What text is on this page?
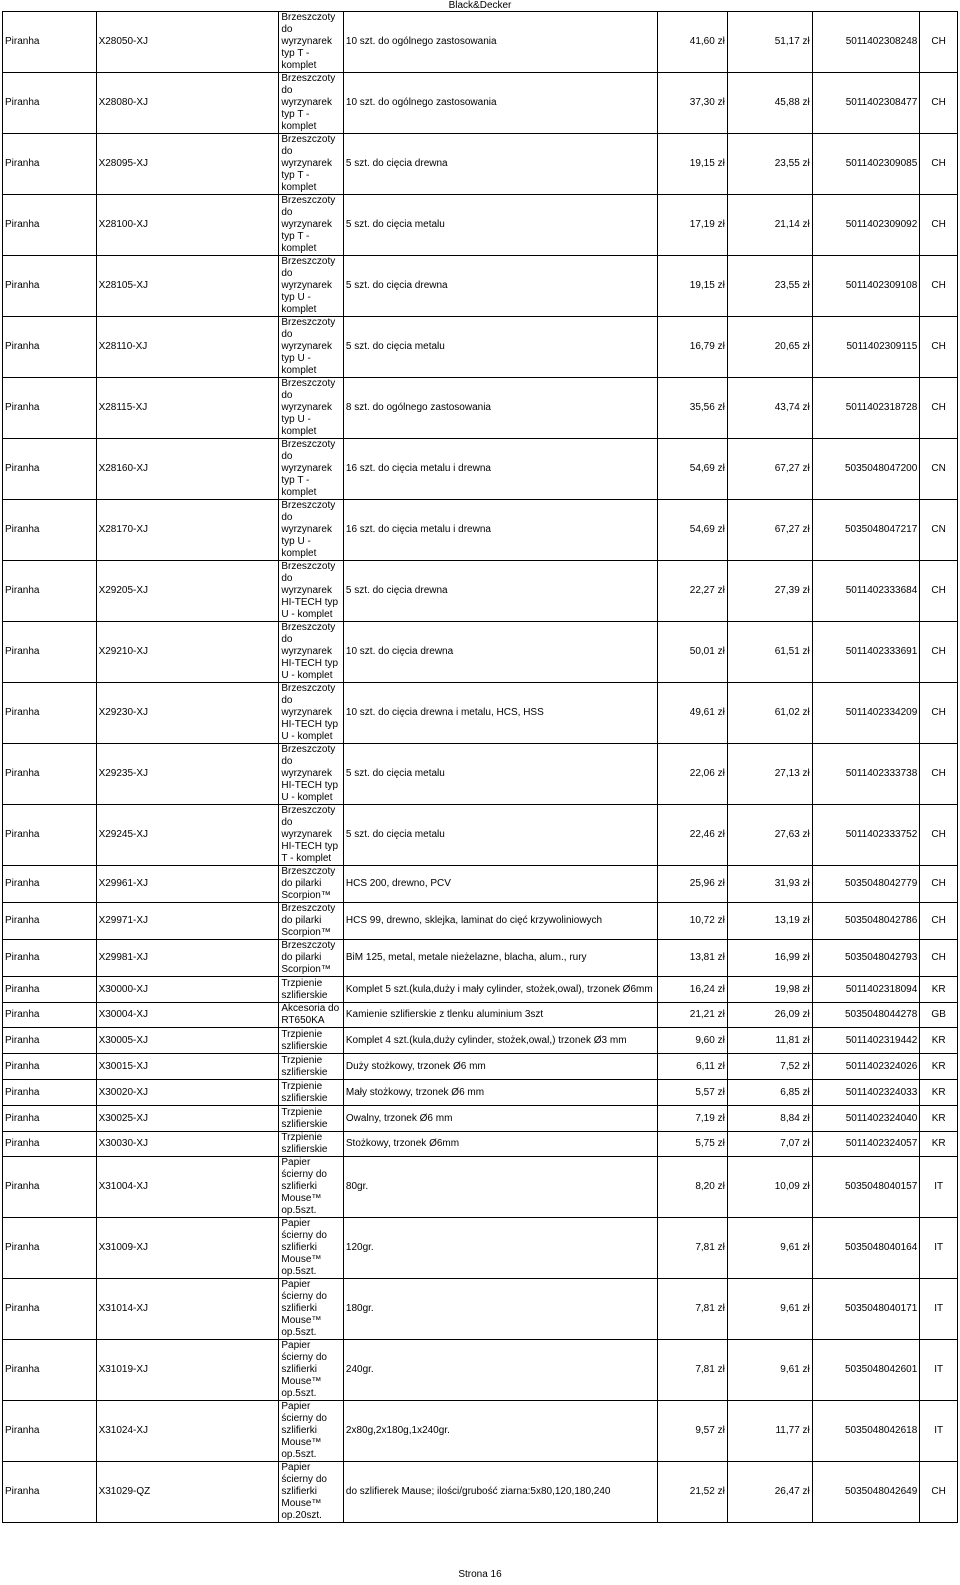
Black&Decker
Piranha	X28050-XJ	Brzeszczoty do wyrzynarek typ T - komplet	10 szt. do ogólnego zastosowania	41,60 zł	51,17 zł	5011402308248	CH
Piranha	X28080-XJ	Brzeszczoty do wyrzynarek typ T - komplet	10 szt. do ogólnego zastosowania	37,30 zł	45,88 zł	5011402308477	CH
Piranha	X28095-XJ	Brzeszczoty do wyrzynarek typ T - komplet	5 szt. do cięcia drewna	19,15 zł	23,55 zł	5011402309085	CH
Piranha	X28100-XJ	Brzeszczoty do wyrzynarek typ T - komplet	5 szt. do cięcia metalu	17,19 zł	21,14 zł	5011402309092	CH
Piranha	X28105-XJ	Brzeszczoty do wyrzynarek typ U - komplet	5 szt. do cięcia drewna	19,15 zł	23,55 zł	5011402309108	CH
Piranha	X28110-XJ	Brzeszczoty do wyrzynarek typ U - komplet	5 szt. do cięcia metalu	16,79 zł	20,65 zł	5011402309115	CH
Piranha	X28115-XJ	Brzeszczoty do wyrzynarek typ U - komplet	8 szt. do ogólnego zastosowania	35,56 zł	43,74 zł	5011402318728	CH
Piranha	X28160-XJ	Brzeszczoty do wyrzynarek typ T - komplet	16 szt. do cięcia metalu i drewna	54,69 zł	67,27 zł	5035048047200	CN
Piranha	X28170-XJ	Brzeszczoty do wyrzynarek typ U - komplet	16 szt. do cięcia metalu i drewna	54,69 zł	67,27 zł	5035048047217	CN
Piranha	X29205-XJ	Brzeszczoty do wyrzynarek HI-TECH typ U - komplet	5 szt. do cięcia drewna	22,27 zł	27,39 zł	5011402333684	CH
Piranha	X29210-XJ	Brzeszczoty do wyrzynarek HI-TECH typ U - komplet	10 szt. do cięcia drewna	50,01 zł	61,51 zł	5011402333691	CH
Piranha	X29230-XJ	Brzeszczoty do wyrzynarek HI-TECH typ U - komplet	10 szt. do cięcia drewna i metalu, HCS, HSS	49,61 zł	61,02 zł	5011402334209	CH
Piranha	X29235-XJ	Brzeszczoty do wyrzynarek HI-TECH typ U - komplet	5 szt. do cięcia metalu	22,06 zł	27,13 zł	5011402333738	CH
Piranha	X29245-XJ	Brzeszczoty do wyrzynarek HI-TECH typ T - komplet	5 szt. do cięcia metalu	22,46 zł	27,63 zł	5011402333752	CH
Piranha	X29961-XJ	Brzeszczoty do pilarki Scorpion™	HCS 200, drewno, PCV	25,96 zł	31,93 zł	5035048042779	CH
Piranha	X29971-XJ	Brzeszczoty do pilarki Scorpion™	HCS 99, drewno, sklejka, laminat do cięć krzywoliniowych	10,72 zł	13,19 zł	5035048042786	CH
Piranha	X29981-XJ	Brzeszczoty do pilarki Scorpion™	BiM 125, metal, metale nieżelazne, blacha, alum., rury	13,81 zł	16,99 zł	5035048042793	CH
Piranha	X30000-XJ	Trzpienie szlifierskie	Komplet 5 szt.(kula,duży i mały cylinder, stożek,owal), trzonek Ø6mm	16,24 zł	19,98 zł	5011402318094	KR
Piranha	X30004-XJ	Akcesoria do RT650KA	Kamienie szlifierskie z tlenku aluminium 3szt	21,21 zł	26,09 zł	5035048044278	GB
Piranha	X30005-XJ	Trzpienie szlifierskie	Komplet 4 szt.(kula,duży cylinder, stożek,owal,) trzonek Ø3 mm	9,60 zł	11,81 zł	5011402319442	KR
Piranha	X30015-XJ	Trzpienie szlifierskie	Duży stożkowy, trzonek Ø6 mm	6,11 zł	7,52 zł	5011402324026	KR
Piranha	X30020-XJ	Trzpienie szlifierskie	Mały stożkowy, trzonek Ø6 mm	5,57 zł	6,85 zł	5011402324033	KR
Piranha	X30025-XJ	Trzpienie szlifierskie	Owalny, trzonek Ø6 mm	7,19 zł	8,84 zł	5011402324040	KR
Piranha	X30030-XJ	Trzpienie szlifierskie	Stożkowy, trzonek Ø6mm	5,75 zł	7,07 zł	5011402324057	KR
Piranha	X31004-XJ	Papier ścierny do szlifierki Mouse™ op.5szt.	80gr.	8,20 zł	10,09 zł	5035048040157	IT
Piranha	X31009-XJ	Papier ścierny do szlifierki Mouse™ op.5szt.	120gr.	7,81 zł	9,61 zł	5035048040164	IT
Piranha	X31014-XJ	Papier ścierny do szlifierki Mouse™ op.5szt.	180gr.	7,81 zł	9,61 zł	5035048040171	IT
Piranha	X31019-XJ	Papier ścierny do szlifierki Mouse™ op.5szt.	240gr.	7,81 zł	9,61 zł	5035048042601	IT
Piranha	X31024-XJ	Papier ścierny do szlifierki Mouse™ op.5szt.	2x80g,2x180g,1x240gr.	9,57 zł	11,77 zł	5035048042618	IT
Piranha	X31029-QZ	Papier ścierny do szlifierki Mouse™ op.20szt.	do szlifierek Mause; ilości/grubość ziarna:5x80,120,180,240	21,52 zł	26,47 zł	5035048042649	CH
Strona 16
